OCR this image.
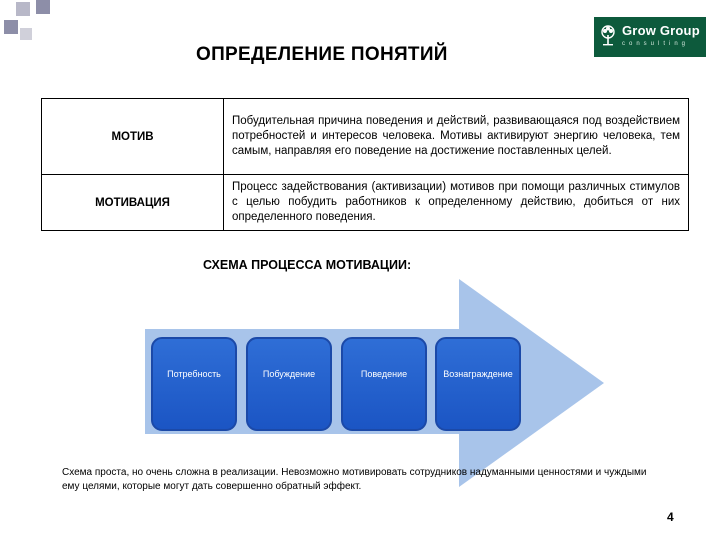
Grow Group
consulting
ОПРЕДЕЛЕНИЕ ПОНЯТИЙ
МОТИВ	Побудительная причина поведения и действий, развивающаяся под воздействием потребностей и интересов человека. Мотивы активируют энергию человека, тем самым, направляя его поведение на достижение поставленных целей.
МОТИВАЦИЯ	Процесс задействования (активизации) мотивов при помощи различных стимулов с целью побудить работников к определенному действию, добиться от них определенного поведения.
СХЕМА ПРОЦЕССА МОТИВАЦИИ:
Потребность	Побуждение	Поведение	Вознаграждение
Схема проста, но очень сложна в реализации. Невозможно мотивировать сотрудников надуманными ценностями и чуждыми ему целями, которые могут дать совершенно обратный эффект.
4
